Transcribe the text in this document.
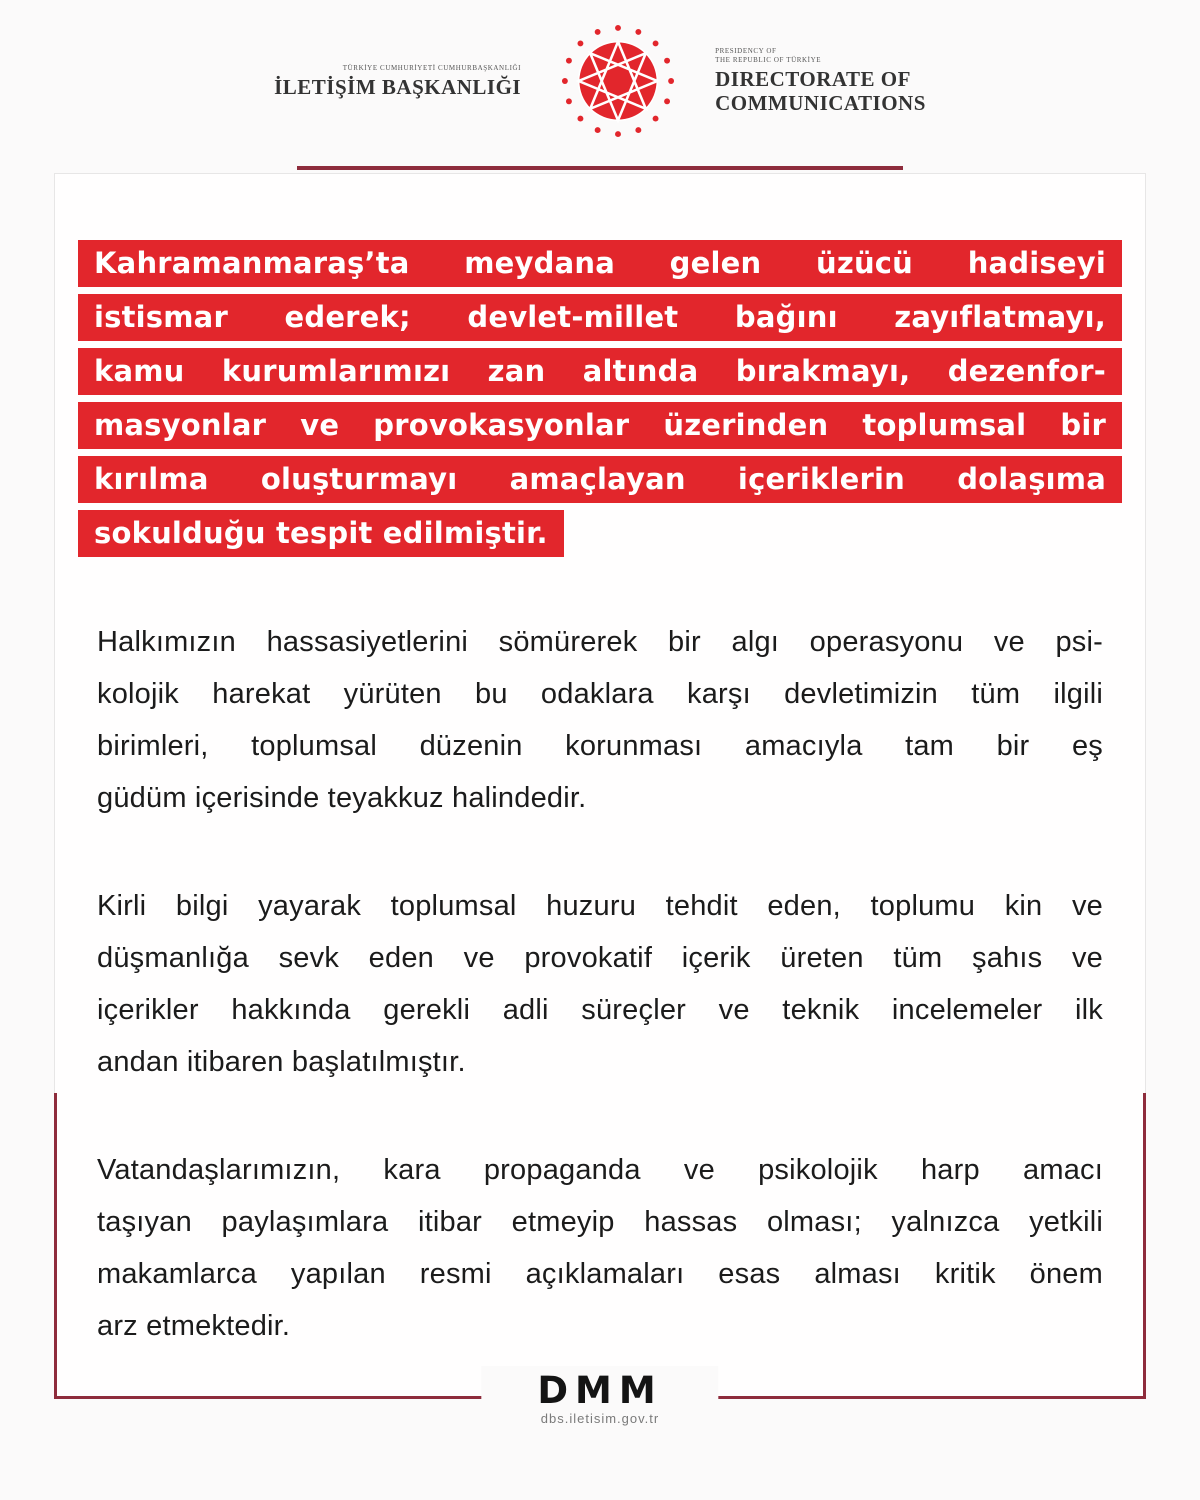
TÜRKİYE CUMHURİYETİ CUMHURBAŞKANLIĞI
İLETİŞİM BAŞKANLIĞI
PRESIDENCY OF
THE REPUBLIC OF TÜRKİYE
DIRECTORATE OF
COMMUNICATIONS
Kahramanmaraş’ta meydana gelen üzücü hadiseyi
istismar ederek; devlet-millet bağını zayıflatmayı,
kamu kurumlarımızı zan altında bırakmayı, dezenfor-
masyonlar ve provokasyonlar üzerinden toplumsal bir
kırılma oluşturmayı amaçlayan içeriklerin dolaşıma
sokulduğu tespit edilmiştir.
Halkımızın hassasiyetlerini sömürerek bir algı operasyonu ve psi-
kolojik harekat yürüten bu odaklara karşı devletimizin tüm ilgili
birimleri, toplumsal düzenin korunması amacıyla tam bir eş
güdüm içerisinde teyakkuz halindedir.
Kirli bilgi yayarak toplumsal huzuru tehdit eden, toplumu kin ve
düşmanlığa sevk eden ve provokatif içerik üreten tüm şahıs ve
içerikler hakkında gerekli adli süreçler ve teknik incelemeler ilk
andan itibaren başlatılmıştır.
Vatandaşlarımızın, kara propaganda ve psikolojik harp amacı
taşıyan paylaşımlara itibar etmeyip hassas olması; yalnızca yetkili
makamlarca yapılan resmi açıklamaları esas alması kritik önem
arz etmektedir.
DMM
dbs.iletisim.gov.tr
